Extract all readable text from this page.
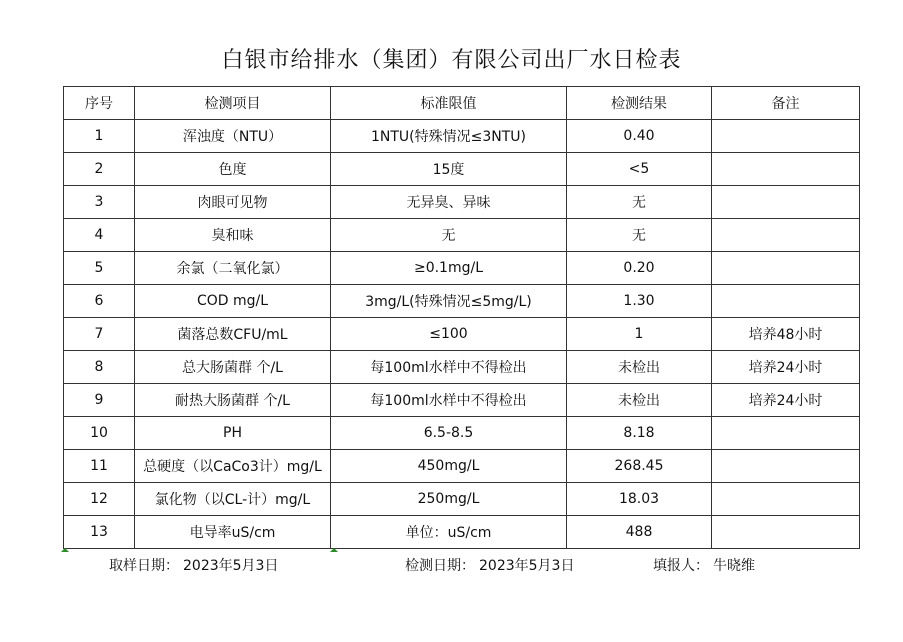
白银市给排水（集团）有限公司出厂水日检表
序号	检测项目	标准限值	检测结果	备注
1	浑浊度（NTU）	1NTU(特殊情况≤3NTU)	0.40	
2	色度	15度	<5	
3	肉眼可见物	无异臭、异味	无	
4	臭和味	无	无	
5	余氯（二氧化氯）	≥0.1mg/L	0.20	
6	COD mg/L	3mg/L(特殊情况≤5mg/L)	1.30	
7	菌落总数CFU/mL	≤100	1	培养48小时
8	总大肠菌群 个/L	每100ml水样中不得检出	未检出	培养24小时
9	耐热大肠菌群 个/L	每100ml水样中不得检出	未检出	培养24小时
10	PH	6.5-8.5	8.18	
11	总硬度（以CaCo3计）mg/L	450mg/L	268.45	
12	氯化物（以CL-计）mg/L	250mg/L	18.03	
13	电导率uS/cm	单位：uS/cm	488	
取样日期： 2023年5月3日	检测日期： 2023年5月3日	填报人： 牛晓维
